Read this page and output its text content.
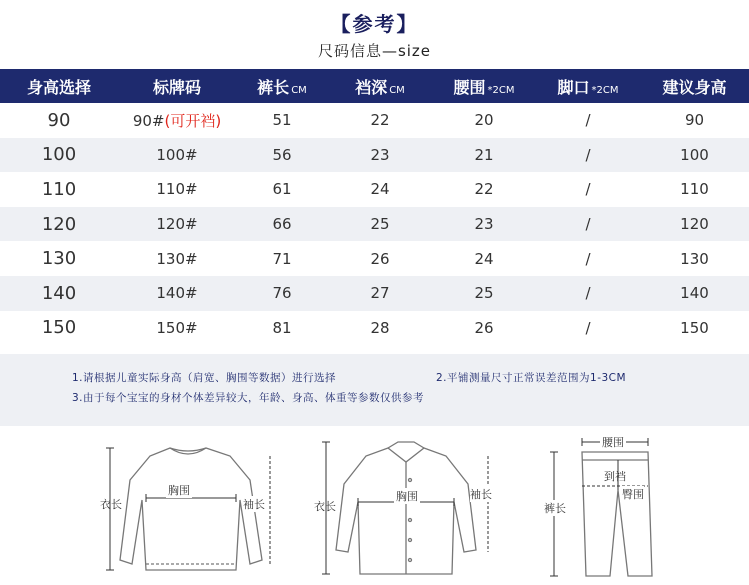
【参考】
尺码信息—size
身高选择	标牌码	裤长 CM	裆深 CM	腰围 *2CM	脚口 *2CM	建议身高
90	90#(可开裆)	51	22	20	/	90
100	100#	56	23	21	/	100
110	110#	61	24	22	/	110
120	120#	66	25	23	/	120
130	130#	71	26	24	/	130
140	140#	76	27	25	/	140
150	150#	81	28	26	/	150
1.请根据儿童实际身高（肩宽、胸围等数据）进行选择	2.平铺测量尺寸正常误差范围为1-3CM
3.由于每个宝宝的身材个体差异较大，年龄、身高、体重等参数仅供参考
衣长
胸围
袖长	衣长
胸围	袖长
腰围
到裆
臀围
裤长
